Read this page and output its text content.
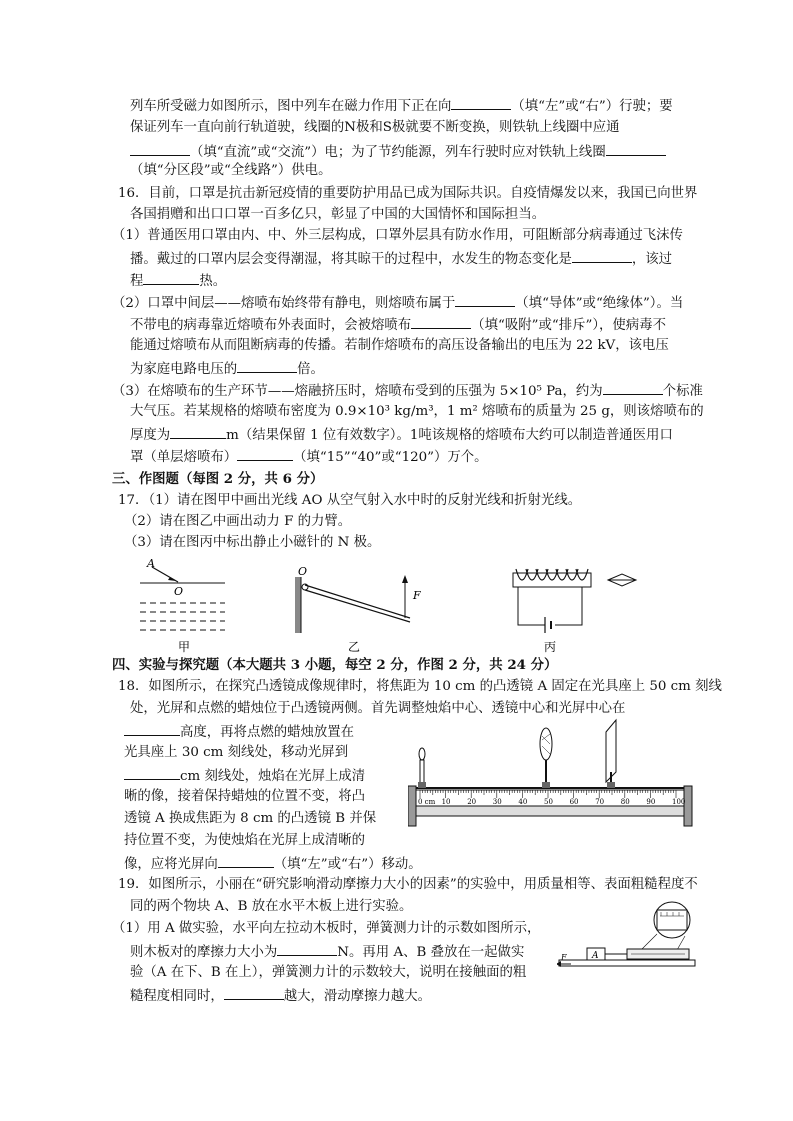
列车所受磁力如图所示，图中列车在磁力作用下正在向	（填“左”或“右”）行驶；要
保证列车一直向前行轨道驶，线圈的N极和S极就要不断变换，则铁轨上线圈中应通
（填“直流”或“交流”）电；为了节约能源，列车行驶时应对铁轨上线圈
（填“分区段”或“全线路”）供电。
16．目前，口罩是抗击新冠疫情的重要防护用品已成为国际共识。自疫情爆发以来，我国已向世界
各国捐赠和出口口罩一百多亿只，彰显了中国的大国情怀和国际担当。
（1）普通医用口罩由内、中、外三层构成，口罩外层具有防水作用，可阻断部分病毒通过飞沫传
播。戴过的口罩内层会变得潮湿，将其晾干的过程中，水发生的物态变化是	，该过
程	热。
（2）口罩中间层——熔喷布始终带有静电，则熔喷布属于	（填“导体”或“绝缘体”）。当
不带电的病毒靠近熔喷布外表面时，会被熔喷布	（填“吸附”或“排斥”），使病毒不
能通过熔喷布从而阻断病毒的传播。若制作熔喷布的高压设备输出的电压为 22 kV，该电压
为家庭电路电压的	倍。
（3）在熔喷布的生产环节——熔融挤压时，熔喷布受到的压强为 5×10⁵ Pa，约为	个标准
大气压。若某规格的熔喷布密度为 0.9×10³ kg/m³，1 m² 熔喷布的质量为 25 g，则该熔喷布的
厚度为	m（结果保留 1 位有效数字）。1吨该规格的熔喷布大约可以制造普通医用口
罩（单层熔喷布）	（填“15”“40”或“120”）万个。
三、作图题（每图 2 分，共 6 分）
17．（1）请在图甲中画出光线 AO 从空气射入水中时的反射光线和折射光线。
（2）请在图乙中画出动力 F 的力臂。
（3）请在图丙中标出静止小磁针的 N 极。
A
O
甲
O
F
乙	丙
四、实验与探究题（本大题共 3 小题，每空 2 分，作图 2 分，共 24 分）
18．如图所示，在探究凸透镜成像规律时，将焦距为 10 cm 的凸透镜 A 固定在光具座上 50 cm 刻线
处，光屏和点燃的蜡烛位于凸透镜两侧。首先调整烛焰中心、透镜中心和光屏中心在
高度，再将点燃的蜡烛放置在
光具座上 30 cm 刻线处，移动光屏到
cm 刻线处，烛焰在光屏上成清
晰的像，接着保持蜡烛的位置不变，将凸
透镜 A 换成焦距为 8 cm 的凸透镜 B 并保
持位置不变，为使烛焰在光屏上成清晰的
像，应将光屏向	（填“左”或“右”）移动。
0 cm 10 20 30 40 50 60 70 80 90 100
19．如图所示，小丽在“研究影响滑动摩擦力大小的因素”的实验中，用质量相等、表面粗糙程度不
同的两个物块 A、B 放在水平木板上进行实验。
（1）用 A 做实验，水平向左拉动木板时，弹簧测力计的示数如图所示，
则木板对的摩擦力大小为	N。再用 A、B 叠放在一起做实
验（A 在下、B 在上），弹簧测力计的示数较大，说明在接触面的粗
糙程度相同时，	越大，滑动摩擦力越大。
A
F
